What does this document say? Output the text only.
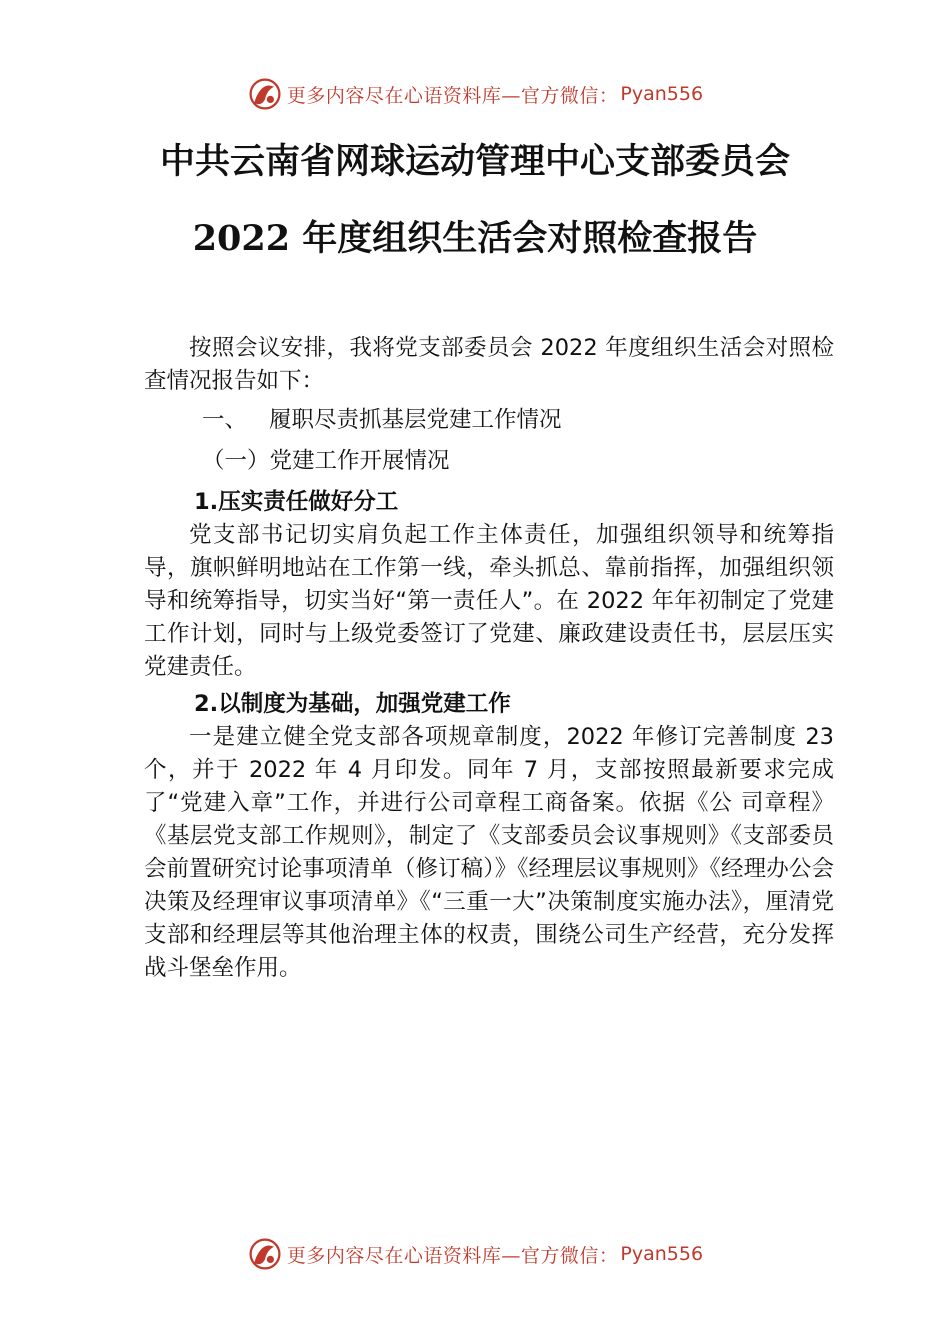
更多内容尽在心语资料库—官方微信： Pyan556
中共云南省网球运动管理中心支部委员会
2022 年度组织生活会对照检查报告

按照会议安排，我将党支部委员会 2022 年度组织生活会对照检查情况报告如下：

一、 履职尽责抓基层党建工作情况

（一）党建工作开展情况

1.压实责任做好分工

党支部书记切实肩负起工作主体责任，加强组织领导和统筹指导，旗帜鲜明地站在工作第一线，牵头抓总、靠前指挥，加强组织领导和统筹指导，切实当好“第一责任人”。在 2022 年年初制定了党建工作计划，同时与上级党委签订了党建、廉政建设责任书，层层压实党建责任。

2.以制度为基础，加强党建工作

一是建立健全党支部各项规章制度，2022 年修订完善制度 23 个，并于 2022 年 4 月印发。同年 7 月，支部按照最新要求完成了“党建入章”工作，并进行公司章程工商备案。依据《公 司章程》《基层党支部工作规则》，制定了《支部委员会议事规则》《支部委员会前置研究讨论事项清单（修订稿）》《经理层议事规则》《经理办公会决策及经理审议事项清单》《“三重一大”决策制度实施办法》，厘清党支部和经理层等其他治理主体的权责，围绕公司生产经营，充分发挥战斗堡垒作用。

更多内容尽在心语资料库—官方微信： Pyan556
